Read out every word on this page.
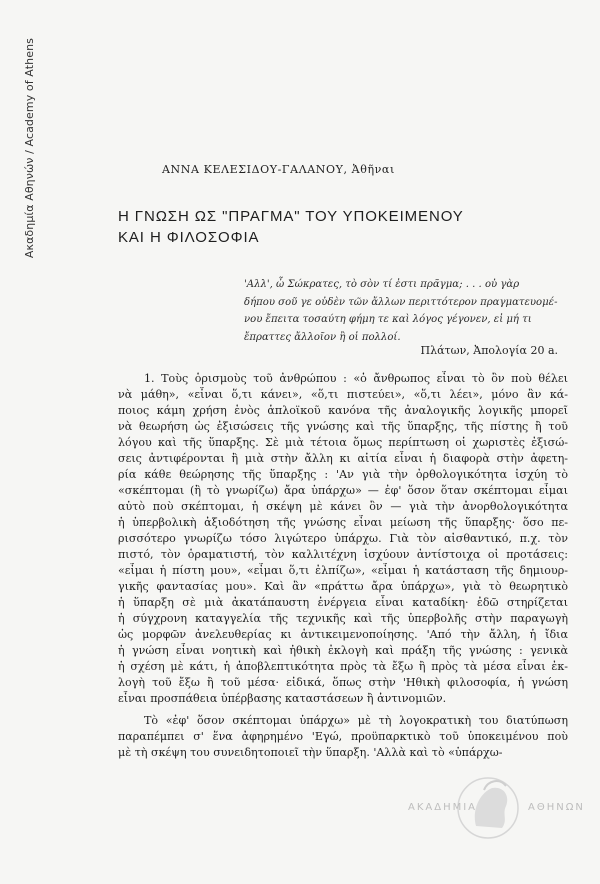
Ακαδημία Αθηνών / Academy of Athens	ΑΝΝΑ ΚΕΛΕΣΙΔΟΥ-ΓΑΛΑΝΟΥ, Ἀθῆναι
Η ΓΝΩΣΗ ΩΣ "ΠΡΑΓΜΑ" ΤΟΥ ΥΠΟΚΕΙΜΕΝΟΥ
ΚΑΙ Η ΦΙΛΟΣΟΦΙΑ
'Αλλ', ὦ Σώκρατες, τὸ σὸν τί ἐστι πρᾶγμα; . . . οὐ γὰρ
δήπου σοῦ γε οὐδὲν τῶν ἄλλων περιττότερον πραγματευομέ-
νου ἔπειτα τοσαύτη φήμη τε καὶ λόγος γέγονεν, εἰ μή τι
ἔπραττες ἄλλοῖον ἢ οἱ πολλοί.
Πλάτων, Ἀπολογία 20 a.
1. Τοὺς ὁρισμοὺς τοῦ ἀνθρώπου : «ὁ ἄνθρωπος εἶναι τὸ ὂν ποὺ θέλει
νὰ μάθη», «εἶναι ὅ,τι κάνει», «ὅ,τι πιστεύει», «ὅ,τι λέει», μόνο ἂν κά-
ποιος κάμη χρήση ἑνὸς ἁπλοϊκοῦ κανόνα τῆς ἀναλογικῆς λογικῆς μπορεῖ
νὰ θεωρήση ὡς ἐξισώσεις τῆς γνώσης καὶ τῆς ὕπαρξης, τῆς πίστης ἢ τοῦ
λόγου καὶ τῆς ὕπαρξης. Σὲ μιὰ τέτοια ὅμως περίπτωση οἱ χωριστὲς ἐξισώ-
σεις ἀντιφέρονται ἢ μιὰ στὴν ἄλλη κι αἰτία εἶναι ἡ διαφορὰ στὴν ἀφετη-
ρία κάθε θεώρησης τῆς ὕπαρξης : 'Αν γιὰ τὴν ὀρθολογικότητα ἰσχύη τὸ
«σκέπτομαι (ἢ τὸ γνωρίζω) ἄρα ὑπάρχω» — ἐφ' ὅσον ὅταν σκέπτομαι εἶμαι
αὐτὸ ποὺ σκέπτομαι, ἡ σκέψη μὲ κάνει ὂν — γιὰ τὴν ἀνορθολογικότητα
ἡ ὑπερβολικὴ ἀξιοδότηση τῆς γνώσης εἶναι μείωση τῆς ὕπαρξης· ὅσο πε-
ρισσότερο γνωρίζω τόσο λιγώτερο ὑπάρχω. Γιὰ τὸν αἰσθαντικό, π.χ. τὸν
πιστό, τὸν ὁραματιστή, τὸν καλλιτέχνη ἰσχύουν ἀντίστοιχα οἱ προτάσεις:
«εἶμαι ἡ πίστη μου», «εἶμαι ὅ,τι ἐλπίζω», «εἶμαι ἡ κατάσταση τῆς δημιουρ-
γικῆς φαντασίας μου». Καὶ ἂν «πράττω ἄρα ὑπάρχω», γιὰ τὸ θεωρητικὸ
ἡ ὕπαρξη σὲ μιὰ ἀκατάπαυστη ἐνέργεια εἶναι καταδίκη· ἐδῶ στηρίζεται
ἡ σύγχρονη καταγγελία τῆς τεχνικῆς καὶ τῆς ὑπερβολῆς στὴν παραγωγὴ
ὡς μορφῶν ἀνελευθερίας κι ἀντικειμενοποίησης. 'Από τὴν ἄλλη, ἡ ἴδια
ἡ γνώση εἶναι νοητικὴ καὶ ἠθικὴ ἐκλογὴ καὶ πράξη τῆς γνώσης : γενικὰ
ἡ σχέση μὲ κάτι, ἡ ἀποβλεπτικότητα πρὸς τὰ ἔξω ἢ πρὸς τὰ μέσα εἶναι ἐκ-
λογὴ τοῦ ἔξω ἢ τοῦ μέσα· εἰδικά, ὅπως στὴν 'Ηθικὴ φιλοσοφία, ἡ γνώση
εἶναι προσπάθεια ὑπέρβασης καταστάσεων ἢ ἀντινομιῶν.
Τὸ «ἐφ' ὅσον σκέπτομαι ὑπάρχω» μὲ τὴ λογοκρατικὴ του διατύπωση
παραπέμπει σ' ἕνα ἀφηρημένο 'Εγώ, προϋπαρκτικὸ τοῦ ὑποκειμένου ποὺ
μὲ τὴ σκέψη του συνειδητοποιεῖ τὴν ὕπαρξη. 'Αλλὰ καὶ τὸ «ὑπάρχω-
ΑΚΑΔΗΜΙΑ	ΑΘΗΝΩΝ
